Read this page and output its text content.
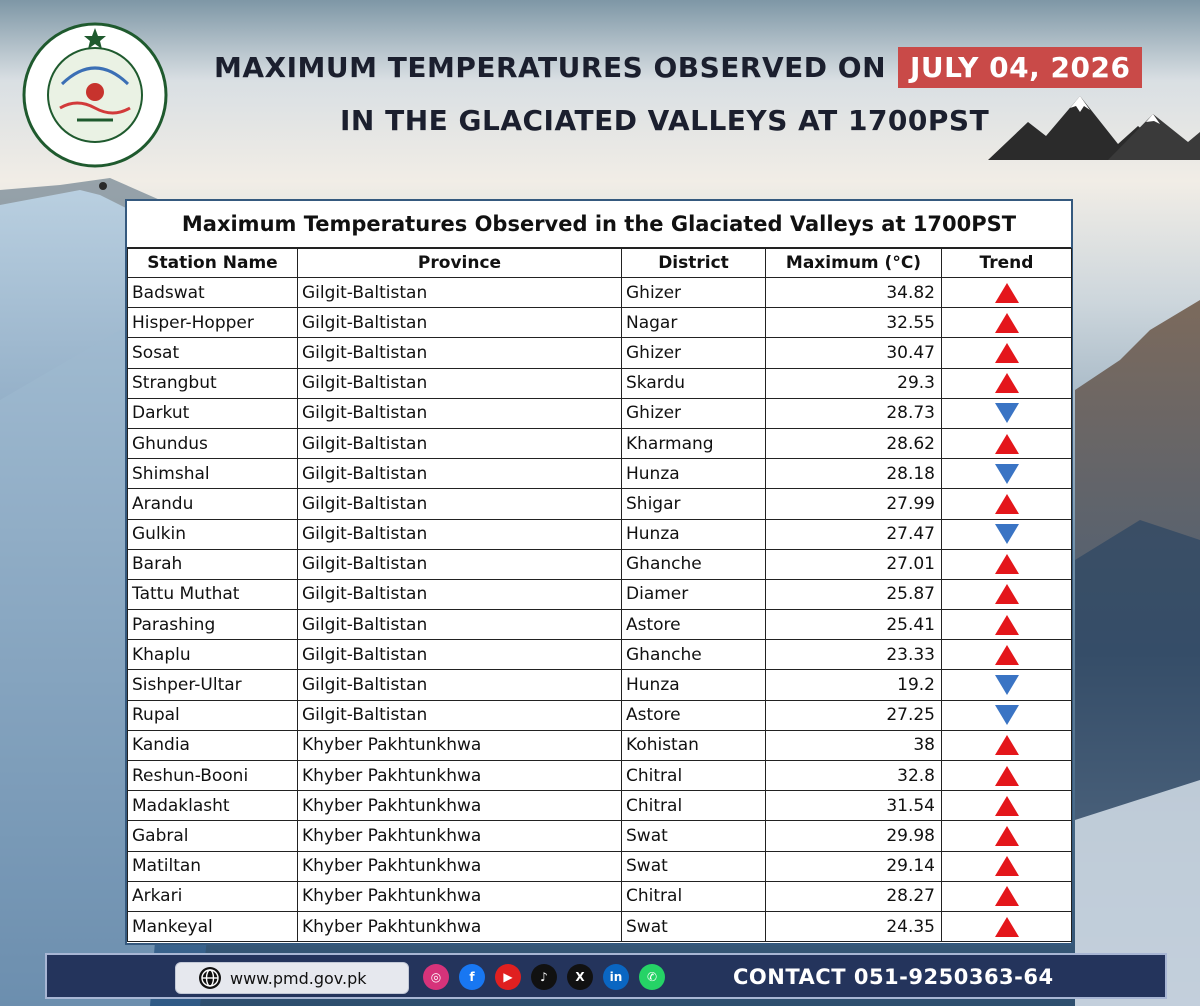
MAXIMUM TEMPERATURES OBSERVED ON JULY 04, 2026
IN THE GLACIATED VALLEYS AT 1700PST
Maximum Temperatures Observed in the Glaciated Valleys at 1700PST
Station Name	Province	District	Maximum (°C)	Trend
Badswat	Gilgit-Baltistan	Ghizer	34.82	
Hisper-Hopper	Gilgit-Baltistan	Nagar	32.55	
Sosat	Gilgit-Baltistan	Ghizer	30.47	
Strangbut	Gilgit-Baltistan	Skardu	29.3	
Darkut	Gilgit-Baltistan	Ghizer	28.73	
Ghundus	Gilgit-Baltistan	Kharmang	28.62	
Shimshal	Gilgit-Baltistan	Hunza	28.18	
Arandu	Gilgit-Baltistan	Shigar	27.99	
Gulkin	Gilgit-Baltistan	Hunza	27.47	
Barah	Gilgit-Baltistan	Ghanche	27.01	
Tattu Muthat	Gilgit-Baltistan	Diamer	25.87	
Parashing	Gilgit-Baltistan	Astore	25.41	
Khaplu	Gilgit-Baltistan	Ghanche	23.33	
Sishper-Ultar	Gilgit-Baltistan	Hunza	19.2	
Rupal	Gilgit-Baltistan	Astore	27.25	
Kandia	Khyber Pakhtunkhwa	Kohistan	38	
Reshun-Booni	Khyber Pakhtunkhwa	Chitral	32.8	
Madaklasht	Khyber Pakhtunkhwa	Chitral	31.54	
Gabral	Khyber Pakhtunkhwa	Swat	29.98	
Matiltan	Khyber Pakhtunkhwa	Swat	29.14	
Arkari	Khyber Pakhtunkhwa	Chitral	28.27	
Mankeyal	Khyber Pakhtunkhwa	Swat	24.35	
www.pmd.gov.pk	◎	f	▶	♪	X	in	✆	CONTACT 051-9250363-64
